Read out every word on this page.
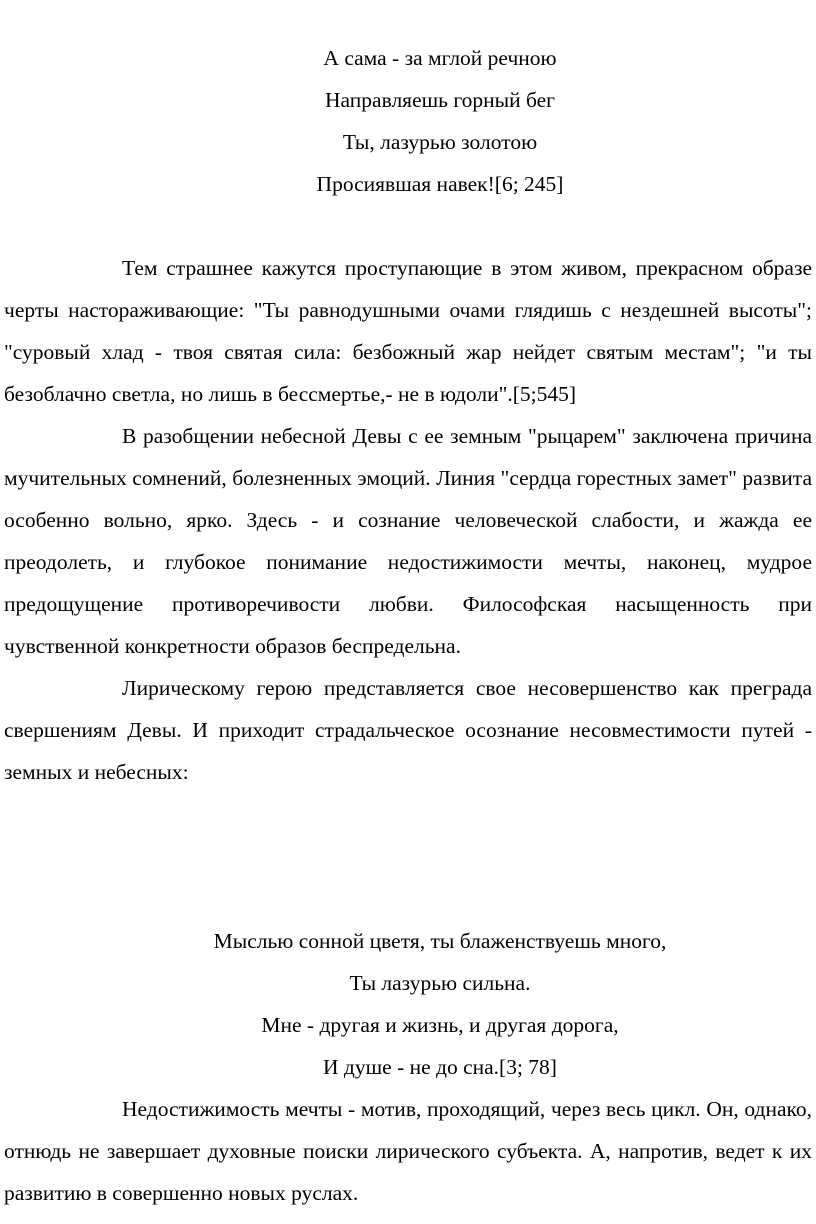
А сама - за мглой речною
Направляешь горный бег
Ты, лазурью золотою
Просиявшая навек![6; 245]

Тем страшнее кажутся проступающие в этом живом, прекрасном образе черты настораживающие: "Ты равнодушными очами глядишь с нездешней высоты"; "суровый хлад - твоя святая сила: безбожный жар нейдет святым местам"; "и ты безоблачно светла, но лишь в бессмертье,- не в юдоли".[5;545]

В разобщении небесной Девы с ее земным "рыцарем" заключена причина мучительных сомнений, болезненных эмоций. Линия "сердца горестных замет" развита особенно вольно, ярко. Здесь - и сознание человеческой слабости, и жажда ее преодолеть, и глубокое понимание недостижимости мечты, наконец, мудрое предощущение противоречивости любви. Философская насыщенность при чувственной конкретности образов беспредельна.

Лирическому герою представляется свое несовершенство как преграда свершениям Девы. И приходит страдальческое осознание несовместимости путей - земных и небесных:

Мыслью сонной цветя, ты блаженствуешь много,
Ты лазурью сильна.
Мне - другая и жизнь, и другая дорога,
И душе - не до сна.[3; 78]

Недостижимость мечты - мотив, проходящий, через весь цикл. Он, однако, отнюдь не завершает духовные поиски лирического субъекта. А, напротив, ведет к их развитию в совершенно новых руслах.
